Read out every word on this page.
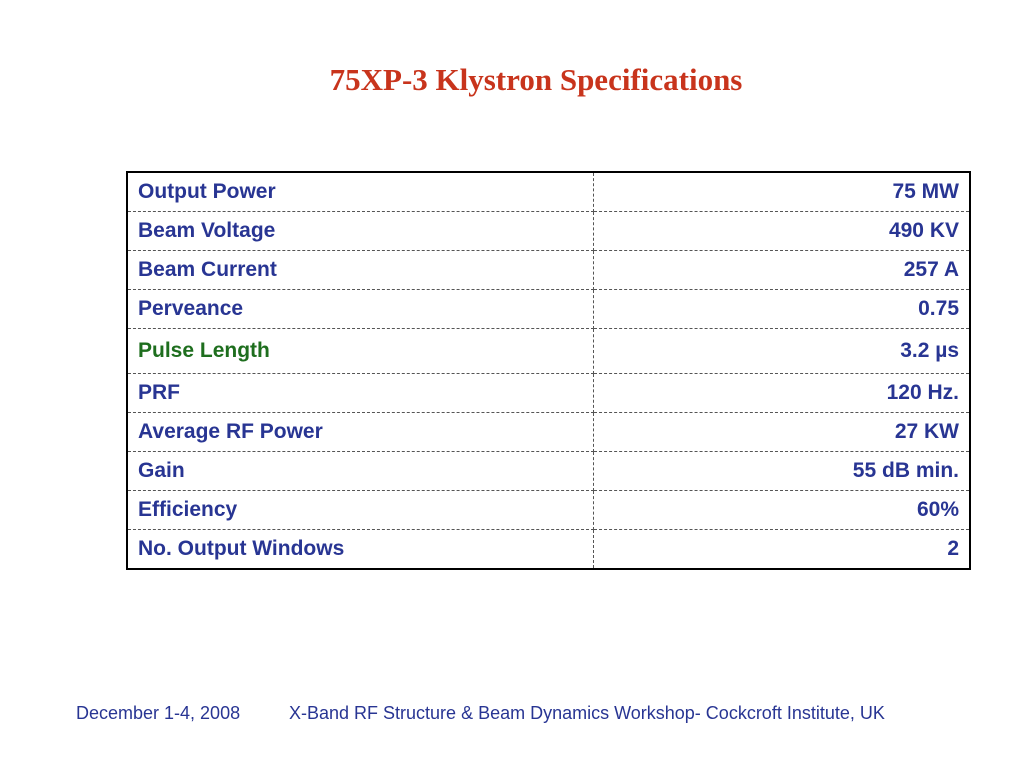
75XP-3 Klystron Specifications
Output Power	75 MW
Beam Voltage	490 KV
Beam Current	257 A
Perveance	0.75
Pulse Length	3.2 µs
PRF	120 Hz.
Average RF Power	27 KW
Gain	55 dB min.
Efficiency	60%
No. Output Windows	2
December 1-4, 2008	X-Band RF Structure & Beam Dynamics Workshop- Cockcroft Institute, UK
